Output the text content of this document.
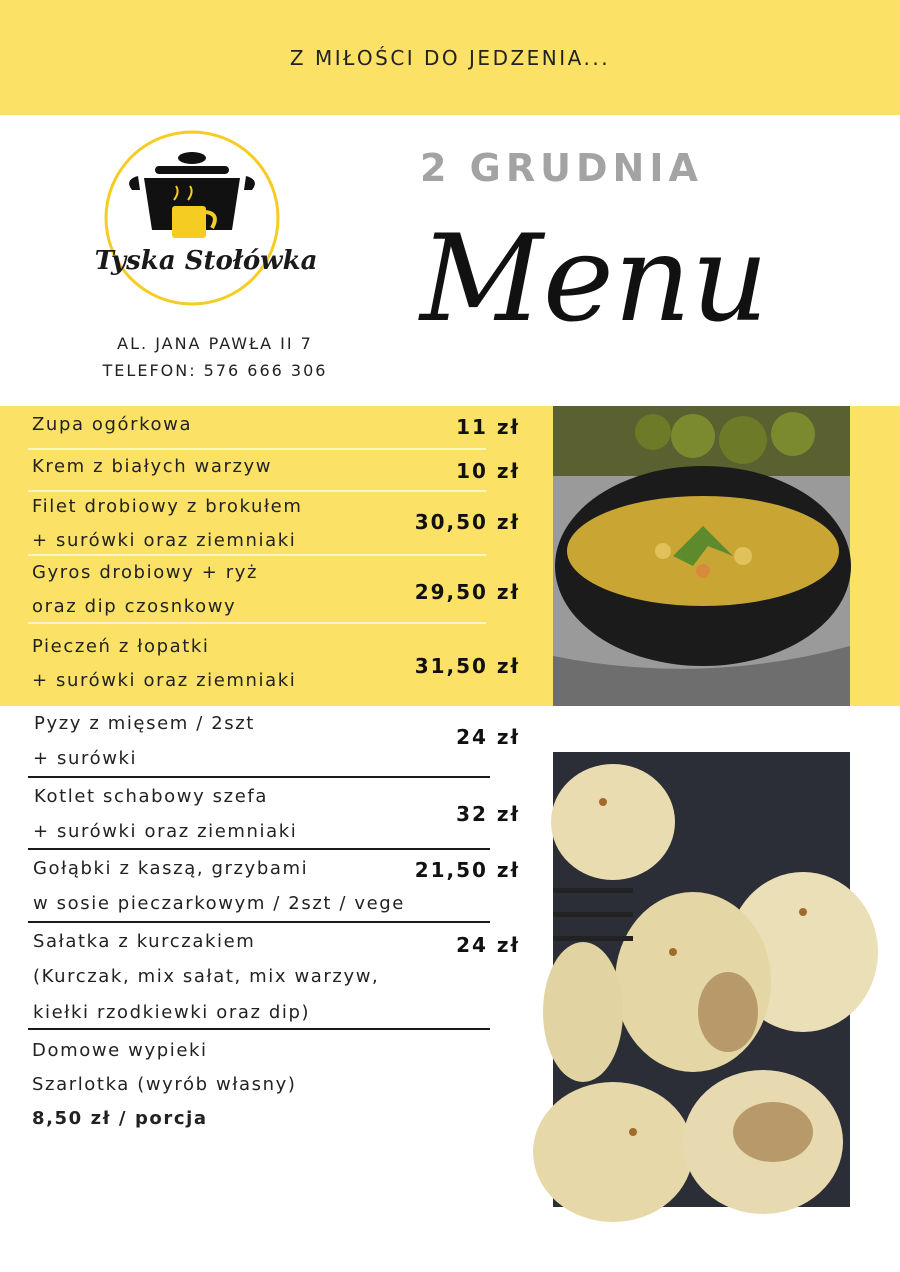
Z MIŁOŚCI DO JEDZENIA...
Tyska Stołówka
AL. JANA PAWŁA II 7
TELEFON: 576 666 306
2 GRUDNIA
Menu
Zupa ogórkowa	11 zł
Krem z białych warzyw	10 zł
Filet drobiowy z brokułem
+ surówki oraz ziemniaki
30,50 zł
Gyros drobiowy + ryż
oraz dip czosnkowy
29,50 zł
Pieczeń z łopatki
+ surówki oraz ziemniaki
31,50 zł
Pyzy z mięsem / 2szt
+ surówki
24 zł
Kotlet schabowy szefa
+ surówki oraz ziemniaki
32 zł
Gołąbki z kaszą, grzybami
w sosie pieczarkowym / 2szt / vege
21,50 zł
Sałatka z kurczakiem
(Kurczak, mix sałat, mix warzyw,
kiełki rzodkiewki oraz dip)
24 zł
Domowe wypieki
Szarlotka (wyrób własny)
8,50 zł / porcja
